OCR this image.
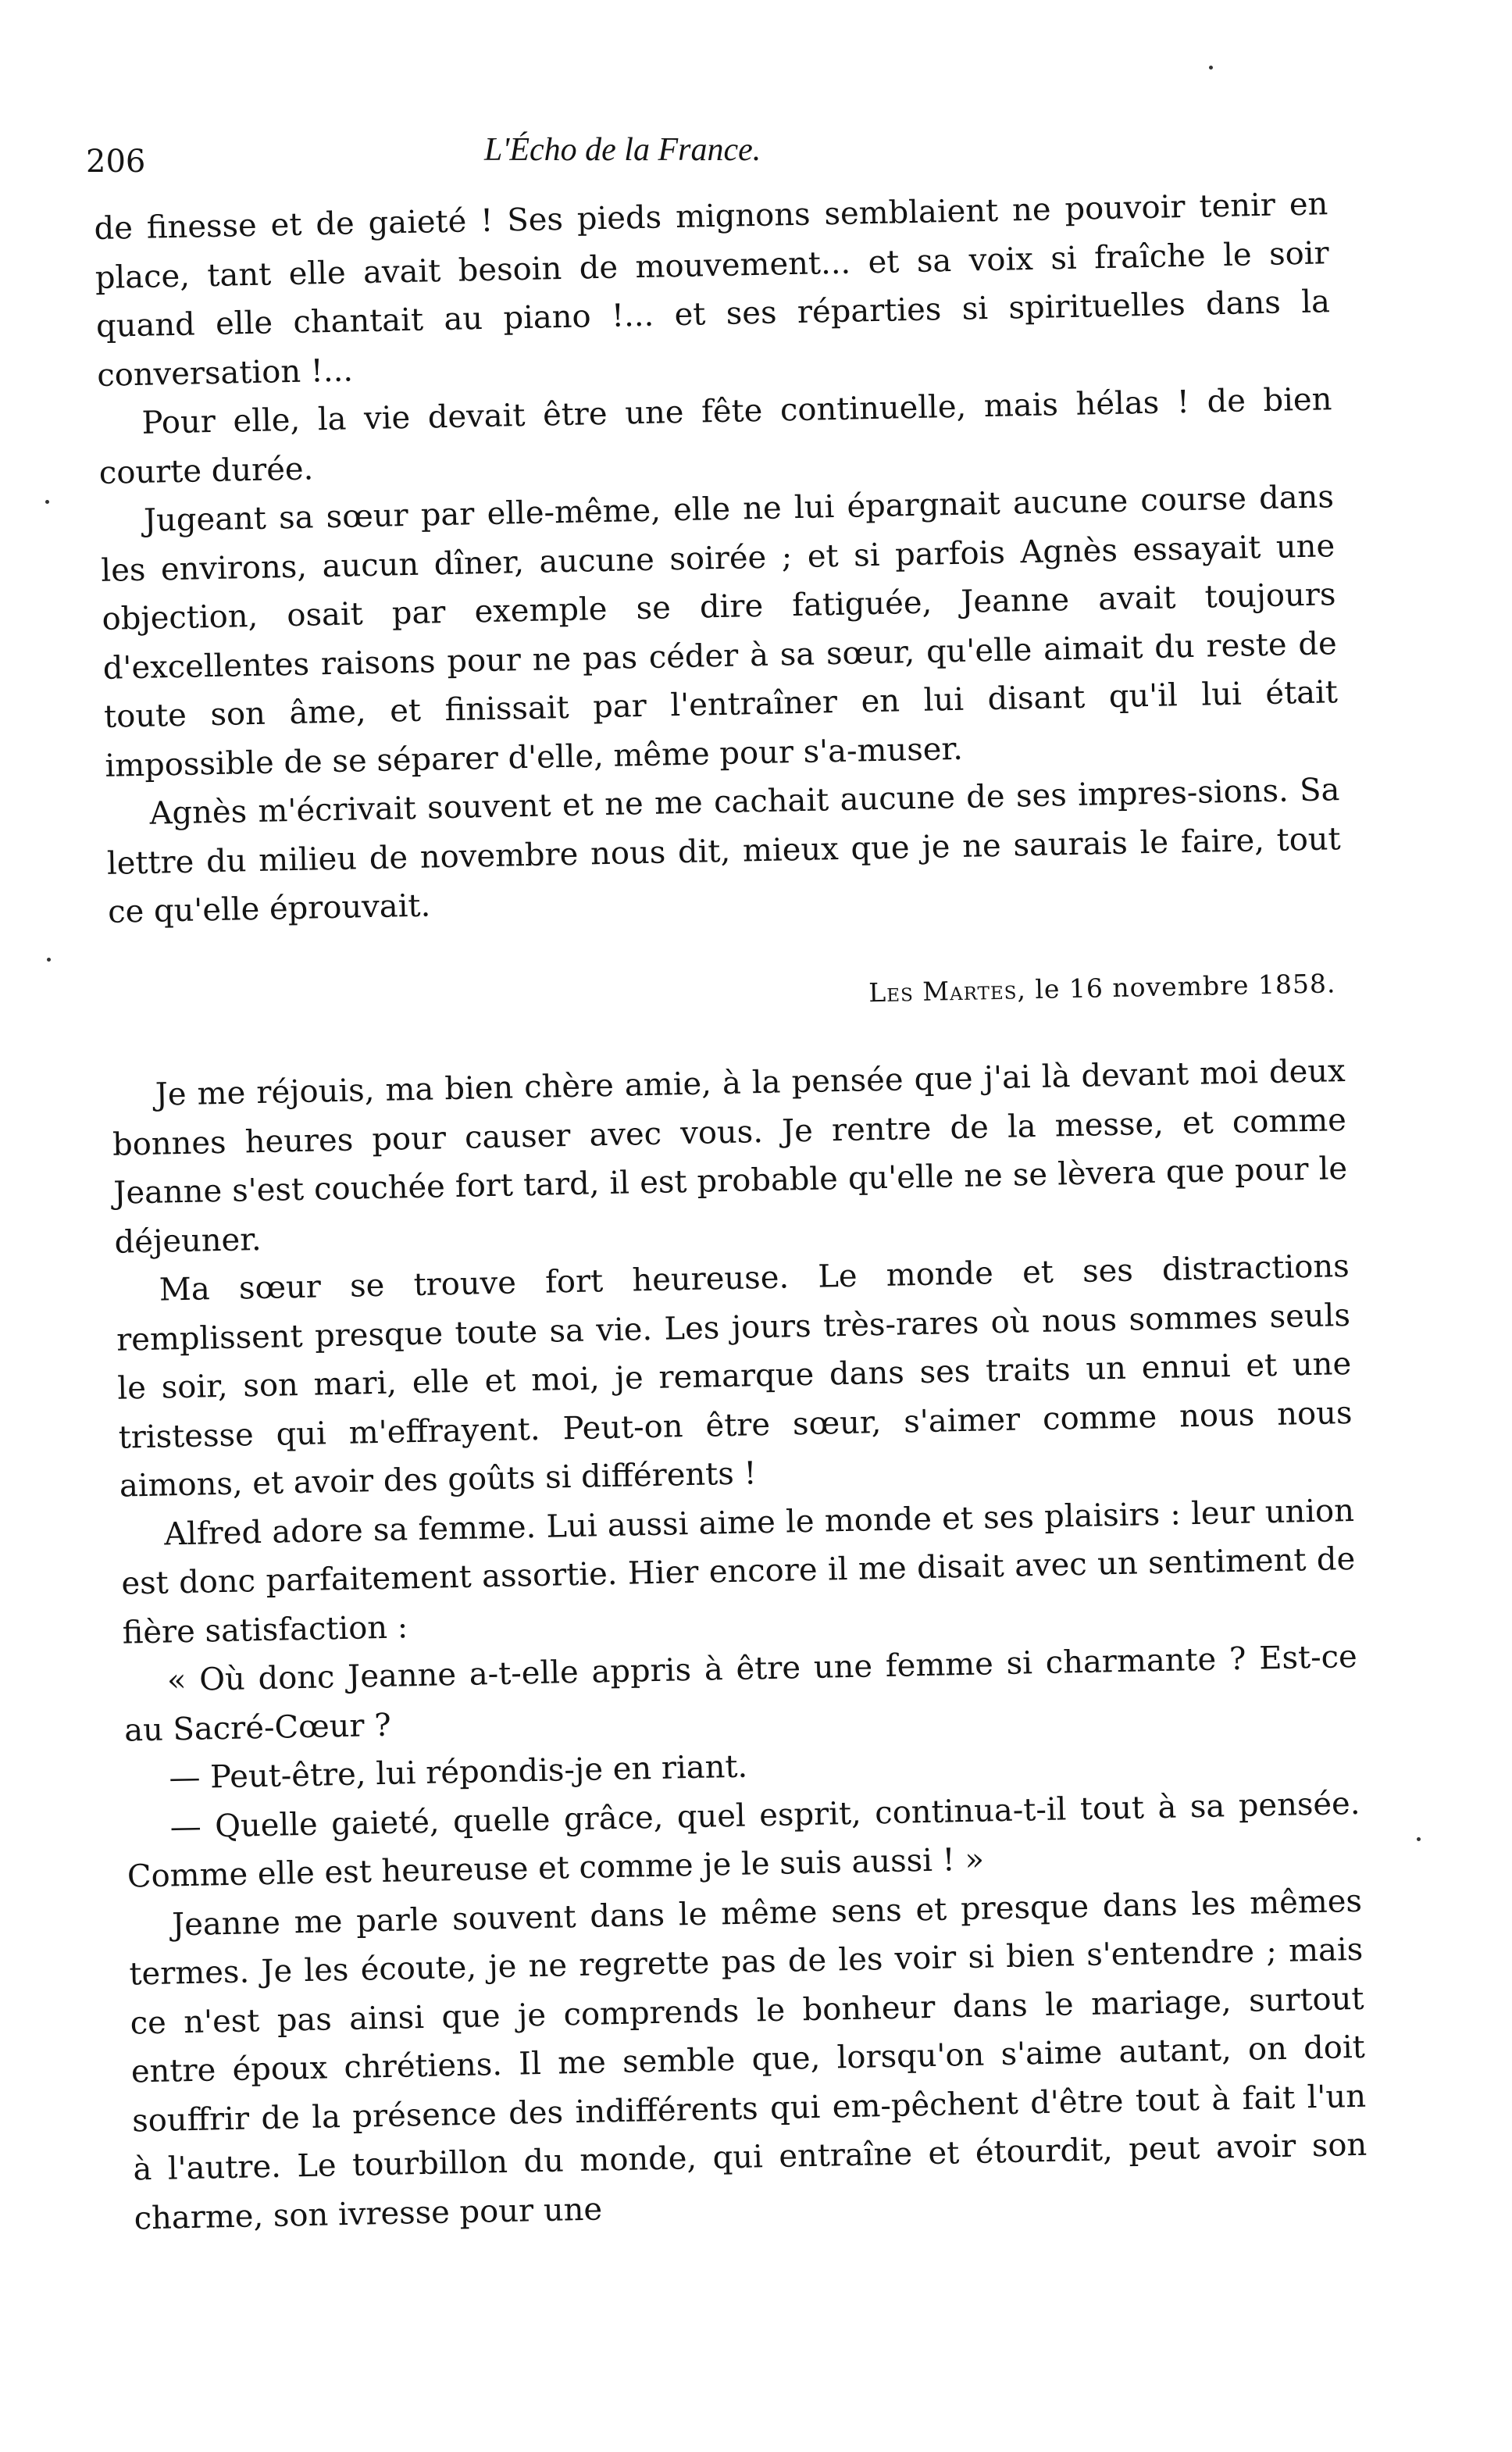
206	L'Écho de la France.

de finesse et de gaieté ! Ses pieds mignons semblaient ne pouvoir tenir en place, tant elle avait besoin de mouvement... et sa voix si fraîche le soir quand elle chantait au piano !... et ses réparties si spirituelles dans la conversation !...

Pour elle, la vie devait être une fête continuelle, mais hélas ! de bien courte durée.

Jugeant sa sœur par elle-même, elle ne lui épargnait aucune course dans les environs, aucun dîner, aucune soirée ; et si parfois Agnès essayait une objection, osait par exemple se dire fatiguée, Jeanne avait toujours d'excellentes raisons pour ne pas céder à sa sœur, qu'elle aimait du reste de toute son âme, et finissait par l'entraîner en lui disant qu'il lui était impossible de se séparer d'elle, même pour s'a-muser.

Agnès m'écrivait souvent et ne me cachait aucune de ses impres-sions. Sa lettre du milieu de novembre nous dit, mieux que je ne saurais le faire, tout ce qu'elle éprouvait.

Les Martes, le 16 novembre 1858.

Je me réjouis, ma bien chère amie, à la pensée que j'ai là devant moi deux bonnes heures pour causer avec vous. Je rentre de la messe, et comme Jeanne s'est couchée fort tard, il est probable qu'elle ne se lèvera que pour le déjeuner.

Ma sœur se trouve fort heureuse. Le monde et ses distractions remplissent presque toute sa vie. Les jours très-rares où nous sommes seuls le soir, son mari, elle et moi, je remarque dans ses traits un ennui et une tristesse qui m'effrayent. Peut-on être sœur, s'aimer comme nous nous aimons, et avoir des goûts si différents !

Alfred adore sa femme. Lui aussi aime le monde et ses plaisirs : leur union est donc parfaitement assortie. Hier encore il me disait avec un sentiment de fière satisfaction :

« Où donc Jeanne a-t-elle appris à être une femme si charmante ? Est-ce au Sacré-Cœur ?

— Peut-être, lui répondis-je en riant.

— Quelle gaieté, quelle grâce, quel esprit, continua-t-il tout à sa pensée. Comme elle est heureuse et comme je le suis aussi ! »

Jeanne me parle souvent dans le même sens et presque dans les mêmes termes. Je les écoute, je ne regrette pas de les voir si bien s'entendre ; mais ce n'est pas ainsi que je comprends le bonheur dans le mariage, surtout entre époux chrétiens. Il me semble que, lorsqu'on s'aime autant, on doit souffrir de la présence des indifférents qui em-pêchent d'être tout à fait l'un à l'autre. Le tourbillon du monde, qui entraîne et étourdit, peut avoir son charme, son ivresse pour une
